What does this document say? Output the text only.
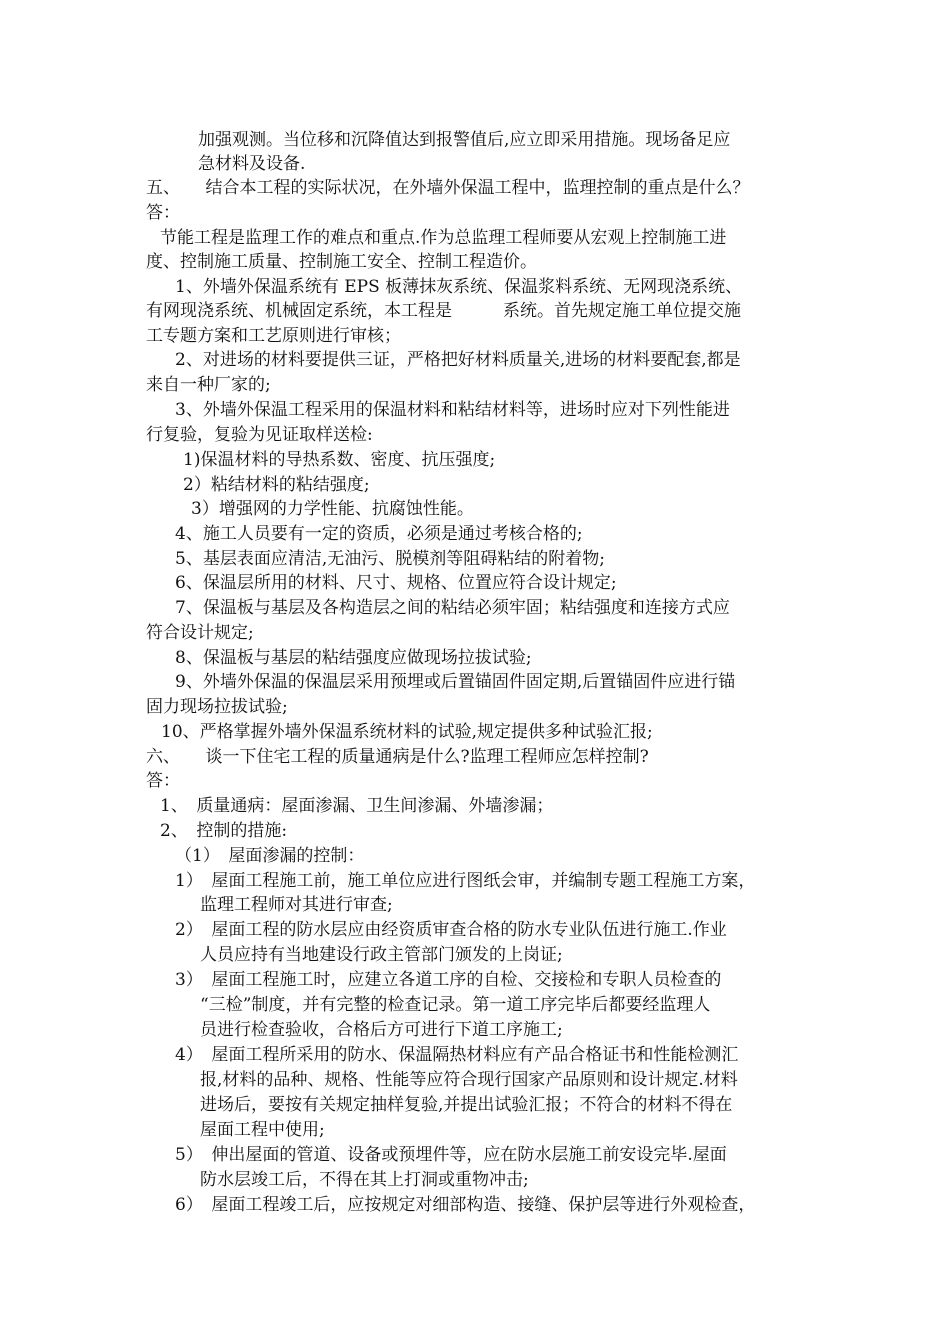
加强观测。当位移和沉降值达到报警值后,应立即采用措施。现场备足应
急材料及设备.
五、　　结合本工程的实际状况，在外墙外保温工程中，监理控制的重点是什么？
答：
节能工程是监理工作的难点和重点.作为总监理工程师要从宏观上控制施工进
度、控制施工质量、控制施工安全、控制工程造价。
1、外墙外保温系统有 EPS 板薄抹灰系统、保温浆料系统、无网现浇系统、
有网现浇系统、机械固定系统，本工程是　　　系统。首先规定施工单位提交施
工专题方案和工艺原则进行审核；
2、对进场的材料要提供三证，严格把好材料质量关,进场的材料要配套,都是
来自一种厂家的;
3、外墙外保温工程采用的保温材料和粘结材料等，进场时应对下列性能进
行复验，复验为见证取样送检:
1)保温材料的导热系数、密度、抗压强度;
2）粘结材料的粘结强度;
3）增强网的力学性能、抗腐蚀性能。
4、施工人员要有一定的资质，必须是通过考核合格的;
5、基层表面应清洁,无油污、脱模剂等阻碍粘结的附着物;
6、保温层所用的材料、尺寸、规格、位置应符合设计规定;
7、保温板与基层及各构造层之间的粘结必须牢固；粘结强度和连接方式应
符合设计规定;
8、保温板与基层的粘结强度应做现场拉拔试验;
9、外墙外保温的保温层采用预埋或后置锚固件固定期,后置锚固件应进行锚
固力现场拉拔试验;
10、严格掌握外墙外保温系统材料的试验,规定提供多种试验汇报;
六、　　谈一下住宅工程的质量通病是什么?监理工程师应怎样控制?
答：
1、　质量通病：屋面渗漏、卫生间渗漏、外墙渗漏；
2、　控制的措施:
（1）　屋面渗漏的控制：
1）　屋面工程施工前，施工单位应进行图纸会审，并编制专题工程施工方案，
监理工程师对其进行审查;
2）　屋面工程的防水层应由经资质审查合格的防水专业队伍进行施工.作业
人员应持有当地建设行政主管部门颁发的上岗证;
3）　屋面工程施工时，应建立各道工序的自检、交接检和专职人员检查的
“三检”制度，并有完整的检查记录。第一道工序完毕后都要经监理人
员进行检查验收，合格后方可进行下道工序施工;
4）　屋面工程所采用的防水、保温隔热材料应有产品合格证书和性能检测汇
报,材料的品种、规格、性能等应符合现行国家产品原则和设计规定.材料
进场后，要按有关规定抽样复验,并提出试验汇报；不符合的材料不得在
屋面工程中使用;
5）　伸出屋面的管道、设备或预埋件等，应在防水层施工前安设完毕.屋面
防水层竣工后，不得在其上打洞或重物冲击;
6）　屋面工程竣工后，应按规定对细部构造、接缝、保护层等进行外观检查，
